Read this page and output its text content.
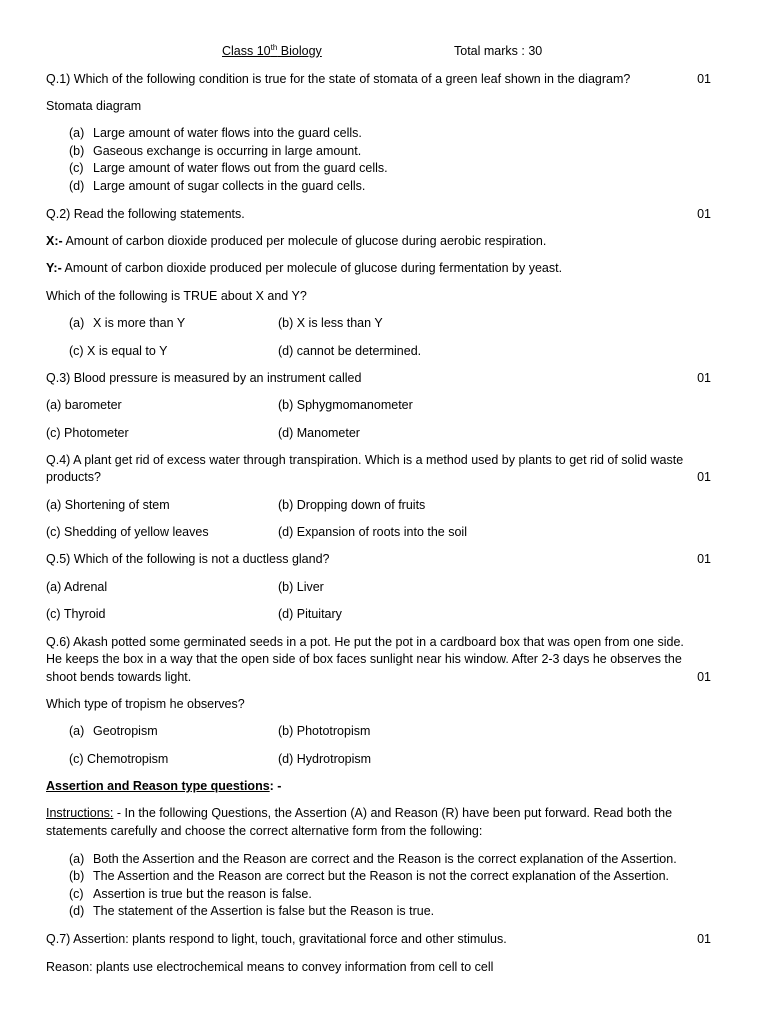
Class 10th Biology	Total marks : 30
Q.1) Which of the following condition is true for the state of stomata of a green leaf shown in the diagram?	01
Stomata diagram
(a) Large amount of water flows into the guard cells.
(b) Gaseous exchange is occurring in large amount.
(c) Large amount of water flows out from the guard cells.
(d) Large amount of sugar collects in the guard cells.
Q.2) Read the following statements.	01
X:- Amount of carbon dioxide produced per molecule of glucose during aerobic respiration.
Y:- Amount of carbon dioxide produced per molecule of glucose during fermentation by yeast.
Which of the following is TRUE about X and Y?
(a) X is more than Y	(b) X is less than Y
(c) X is equal to Y	(d) cannot be determined.
Q.3) Blood pressure is measured by an instrument called	01
(a) barometer	(b) Sphygmomanometer
(c) Photometer	(d) Manometer
Q.4) A plant get rid of excess water through transpiration. Which is a method used by plants to get rid of solid waste
products?	01
(a) Shortening of stem	(b) Dropping down of fruits
(c) Shedding of yellow leaves	(d) Expansion of roots into the soil
Q.5) Which of the following is not a ductless gland?	01
(a) Adrenal	(b) Liver
(c) Thyroid	(d) Pituitary
Q.6) Akash potted some germinated seeds in a pot. He put the pot in a cardboard box that was open from one side.
He keeps the box in a way that the open side of box faces sunlight near his window. After 2-3 days he observes the
shoot bends towards light.	01
Which type of tropism he observes?
(a) Geotropism	(b) Phototropism
(c) Chemotropism	(d) Hydrotropism
Assertion and Reason type questions: -
Instructions: - In the following Questions, the Assertion (A) and Reason (R) have been put forward. Read both the
statements carefully and choose the correct alternative form from the following:
(a) Both the Assertion and the Reason are correct and the Reason is the correct explanation of the Assertion.
(b) The Assertion and the Reason are correct but the Reason is not the correct explanation of the Assertion.
(c) Assertion is true but the reason is false.
(d) The statement of the Assertion is false but the Reason is true.
Q.7) Assertion: plants respond to light, touch, gravitational force and other stimulus.	01
Reason: plants use electrochemical means to convey information from cell to cell
